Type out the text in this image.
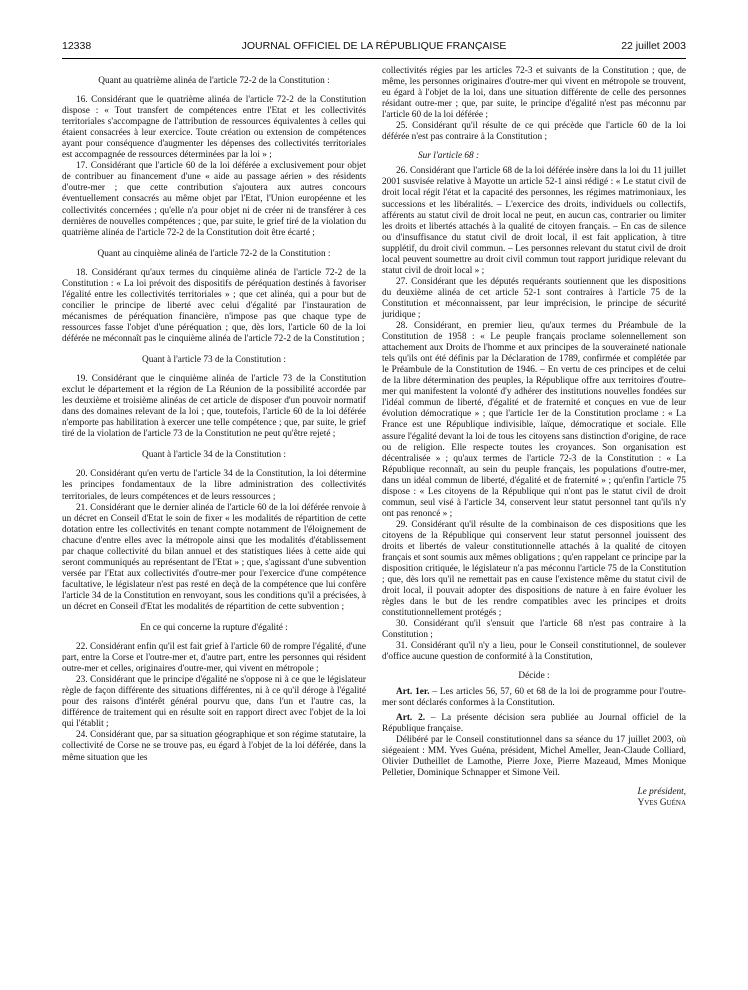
12338	JOURNAL OFFICIEL DE LA RÉPUBLIQUE FRANÇAISE	22 juillet 2003

Quant au quatrième alinéa de l'article 72-2 de la Constitution :

16. Considérant que le quatrième alinéa de l'article 72-2 de la Constitution dispose : « Tout transfert de compétences entre l'Etat et les collectivités territoriales s'accompagne de l'attribution de ressources équivalentes à celles qui étaient consacrées à leur exercice. Toute création ou extension de compétences ayant pour conséquence d'augmenter les dépenses des collectivités territoriales est accompagnée de ressources déterminées par la loi » ;

17. Considérant que l'article 60 de la loi déférée a exclusivement pour objet de contribuer au financement d'une « aide au passage aérien » des résidents d'outre-mer ; que cette contribution s'ajoutera aux autres concours éventuellement consacrés au même objet par l'Etat, l'Union européenne et les collectivités concernées ; qu'elle n'a pour objet ni de créer ni de transférer à ces dernières de nouvelles compétences ; que, par suite, le grief tiré de la violation du quatrième alinéa de l'article 72-2 de la Constitution doit être écarté ;

Quant au cinquième alinéa de l'article 72-2 de la Constitution :

18. Considérant qu'aux termes du cinquième alinéa de l'article 72-2 de la Constitution : « La loi prévoit des dispositifs de péréquation destinés à favoriser l'égalité entre les collectivités territoriales » ; que cet alinéa, qui a pour but de concilier le principe de liberté avec celui d'égalité par l'instauration de mécanismes de péréquation financière, n'impose pas que chaque type de ressources fasse l'objet d'une péréquation ; que, dès lors, l'article 60 de la loi déférée ne méconnaît pas le cinquième alinéa de l'article 72-2 de la Constitution ;

Quant à l'article 73 de la Constitution :

19. Considérant que le cinquième alinéa de l'article 73 de la Constitution exclut le département et la région de La Réunion de la possibilité accordée par les deuxième et troisième alinéas de cet article de disposer d'un pouvoir normatif dans des domaines relevant de la loi ; que, toutefois, l'article 60 de la loi déférée n'emporte pas habilitation à exercer une telle compétence ; que, par suite, le grief tiré de la violation de l'article 73 de la Constitution ne peut qu'être rejeté ;

Quant à l'article 34 de la Constitution :

20. Considérant qu'en vertu de l'article 34 de la Constitution, la loi détermine les principes fondamentaux de la libre administration des collectivités territoriales, de leurs compétences et de leurs ressources ;

21. Considérant que le dernier alinéa de l'article 60 de la loi déférée renvoie à un décret en Conseil d'Etat le soin de fixer « les modalités de répartition de cette dotation entre les collectivités en tenant compte notamment de l'éloignement de chacune d'entre elles avec la métropole ainsi que les modalités d'établissement par chaque collectivité du bilan annuel et des statistiques liées à cette aide qui seront communiqués au représentant de l'Etat » ; que, s'agissant d'une subvention versée par l'Etat aux collectivités d'outre-mer pour l'exercice d'une compétence facultative, le législateur n'est pas resté en deçà de la compétence que lui confère l'article 34 de la Constitution en renvoyant, sous les conditions qu'il a précisées, à un décret en Conseil d'Etat les modalités de répartition de cette subvention ;

En ce qui concerne la rupture d'égalité :

22. Considérant enfin qu'il est fait grief à l'article 60 de rompre l'égalité, d'une part, entre la Corse et l'outre-mer et, d'autre part, entre les personnes qui résident outre-mer et celles, originaires d'outre-mer, qui vivent en métropole ;

23. Considérant que le principe d'égalité ne s'oppose ni à ce que le législateur règle de façon différente des situations différentes, ni à ce qu'il déroge à l'égalité pour des raisons d'intérêt général pourvu que, dans l'un et l'autre cas, la différence de traitement qui en résulte soit en rapport direct avec l'objet de la loi qui l'établit ;

24. Considérant que, par sa situation géographique et son régime statutaire, la collectivité de Corse ne se trouve pas, eu égard à l'objet de la loi déférée, dans la même situation que les

collectivités régies par les articles 72-3 et suivants de la Constitution ; que, de même, les personnes originaires d'outre-mer qui vivent en métropole se trouvent, eu égard à l'objet de la loi, dans une situation différente de celle des personnes résidant outre-mer ; que, par suite, le principe d'égalité n'est pas méconnu par l'article 60 de la loi déférée ;

25. Considérant qu'il résulte de ce qui précède que l'article 60 de la loi déférée n'est pas contraire à la Constitution ;

Sur l'article 68 :

26. Considérant que l'article 68 de la loi déférée insère dans la loi du 11 juillet 2001 susvisée relative à Mayotte un article 52-1 ainsi rédigé : « Le statut civil de droit local régit l'état et la capacité des personnes, les régimes matrimoniaux, les successions et les libéralités. – L'exercice des droits, individuels ou collectifs, afférents au statut civil de droit local ne peut, en aucun cas, contrarier ou limiter les droits et libertés attachés à la qualité de citoyen français. – En cas de silence ou d'insuffisance du statut civil de droit local, il est fait application, à titre supplétif, du droit civil commun. – Les personnes relevant du statut civil de droit local peuvent soumettre au droit civil commun tout rapport juridique relevant du statut civil de droit local » ;

27. Considérant que les députés requérants soutiennent que les dispositions du deuxième alinéa de cet article 52-1 sont contraires à l'article 75 de la Constitution et méconnaissent, par leur imprécision, le principe de sécurité juridique ;

28. Considérant, en premier lieu, qu'aux termes du Préambule de la Constitution de 1958 : « Le peuple français proclame solennellement son attachement aux Droits de l'homme et aux principes de la souveraineté nationale tels qu'ils ont été définis par la Déclaration de 1789, confirmée et complétée par le Préambule de la Constitution de 1946. – En vertu de ces principes et de celui de la libre détermination des peuples, la République offre aux territoires d'outre-mer qui manifestent la volonté d'y adhérer des institutions nouvelles fondées sur l'idéal commun de liberté, d'égalité et de fraternité et conçues en vue de leur évolution démocratique » ; que l'article 1er de la Constitution proclame : « La France est une République indivisible, laïque, démocratique et sociale. Elle assure l'égalité devant la loi de tous les citoyens sans distinction d'origine, de race ou de religion. Elle respecte toutes les croyances. Son organisation est décentralisée » ; qu'aux termes de l'article 72-3 de la Constitution : « La République reconnaît, au sein du peuple français, les populations d'outre-mer, dans un idéal commun de liberté, d'égalité et de fraternité » ; qu'enfin l'article 75 dispose : « Les citoyens de la République qui n'ont pas le statut civil de droit commun, seul visé à l'article 34, conservent leur statut personnel tant qu'ils n'y ont pas renoncé » ;

29. Considérant qu'il résulte de la combinaison de ces dispositions que les citoyens de la République qui conservent leur statut personnel jouissent des droits et libertés de valeur constitutionnelle attachés à la qualité de citoyen français et sont soumis aux mêmes obligations ; qu'en rappelant ce principe par la disposition critiquée, le législateur n'a pas méconnu l'article 75 de la Constitution ; que, dès lors qu'il ne remettait pas en cause l'existence même du statut civil de droit local, il pouvait adopter des dispositions de nature à en faire évoluer les règles dans le but de les rendre compatibles avec les principes et droits constitutionnellement protégés ;

30. Considérant qu'il s'ensuit que l'article 68 n'est pas contraire à la Constitution ;

31. Considérant qu'il n'y a lieu, pour le Conseil constitutionnel, de soulever d'office aucune question de conformité à la Constitution,

Décide :

Art. 1er. – Les articles 56, 57, 60 et 68 de la loi de programme pour l'outre-mer sont déclarés conformes à la Constitution.

Art. 2. – La présente décision sera publiée au Journal officiel de la République française.

Délibéré par le Conseil constitutionnel dans sa séance du 17 juillet 2003, où siégeaient : MM. Yves Guéna, président, Michel Ameller, Jean-Claude Colliard, Olivier Dutheillet de Lamothe, Pierre Joxe, Pierre Mazeaud, Mmes Monique Pelletier, Dominique Schnapper et Simone Veil.

Le président,
Yves Guéna
